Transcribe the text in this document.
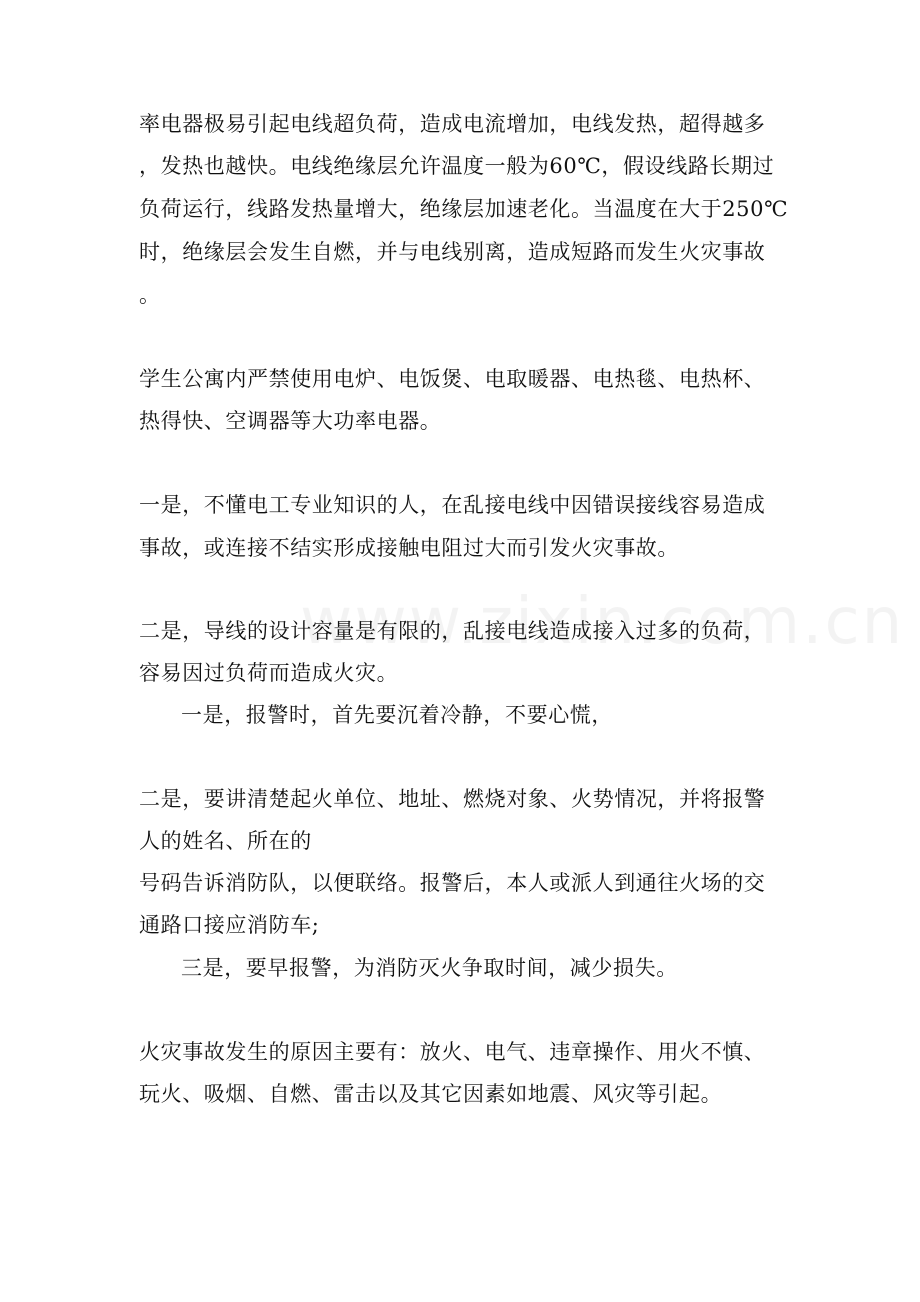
率电器极易引起电线超负荷，造成电流增加，电线发热，超得越多
，发热也越快。电线绝缘层允许温度一般为60℃，假设线路长期过
负荷运行，线路发热量增大，绝缘层加速老化。当温度在大于250℃
时，绝缘层会发生自燃，并与电线别离，造成短路而发生火灾事故
。
学生公寓内严禁使用电炉、电饭煲、电取暖器、电热毯、电热杯、
热得快、空调器等大功率电器。
一是，不懂电工专业知识的人，在乱接电线中因错误接线容易造成
事故，或连接不结实形成接触电阻过大而引发火灾事故。
二是，导线的设计容量是有限的，乱接电线造成接入过多的负荷，
容易因过负荷而造成火灾。
一是，报警时，首先要沉着冷静，不要心慌，
二是，要讲清楚起火单位、地址、燃烧对象、火势情况，并将报警
人的姓名、所在的
号码告诉消防队，以便联络。报警后，本人或派人到通往火场的交
通路口接应消防车;
三是，要早报警，为消防灭火争取时间，减少损失。
火灾事故发生的原因主要有：放火、电气、违章操作、用火不慎、
玩火、吸烟、自燃、雷击以及其它因素如地震、风灾等引起。
